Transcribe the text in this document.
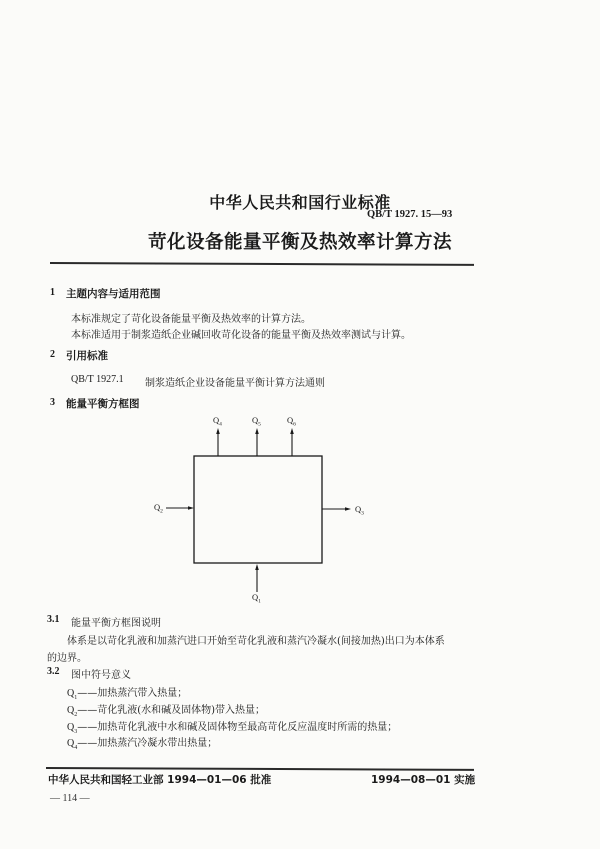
中华人民共和国行业标准
QB/T 1927. 15—93
苛化设备能量平衡及热效率计算方法
1 主题内容与适用范围
本标准规定了苛化设备能量平衡及热效率的计算方法。
本标准适用于制浆造纸企业碱回收苛化设备的能量平衡及热效率测试与计算。
2 引用标准
QB/T 1927.1 制浆造纸企业设备能量平衡计算方法通则
3 能量平衡方框图
$Q_4$	$Q_5$	$Q_6$
$Q_2$	$Q_3$
$Q_1$
3.1 能量平衡方框图说明
体系是以苛化乳液和加蒸汽进口开始至苛化乳液和蒸汽冷凝水(间接加热)出口为本体系
的边界。
3.2 图中符号意义
$Q_1——$加热蒸汽带入热量；
$Q_2——$苛化乳液(水和碱及固体物)带入热量；
$Q_3——$加热苛化乳液中水和碱及固体物至最高苛化反应温度时所需的热量；
$Q_4——$加热蒸汽冷凝水带出热量；
中华人民共和国轻工业部 1994—01—06 批准	1994—08—01 实施
— 114 —
